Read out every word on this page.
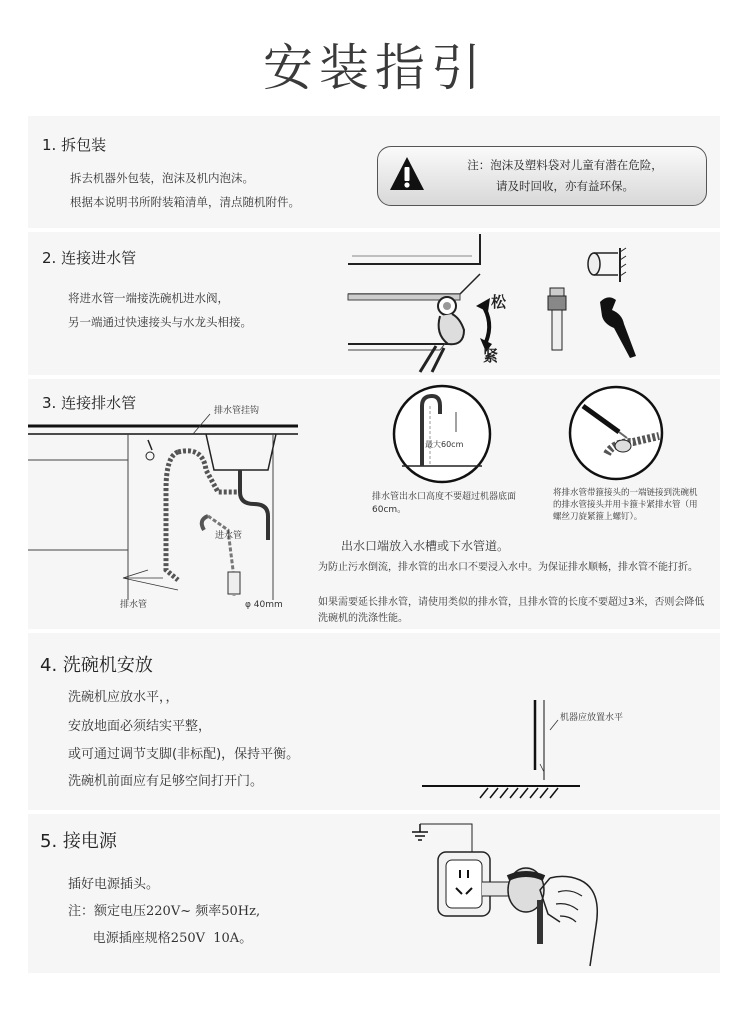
安装指引
1. 拆包装
拆去机器外包装，泡沫及机内泡沫。
根据本说明书所附装箱清单，清点随机附件。
注：泡沫及塑料袋对儿童有潜在危险，
请及时回收，亦有益环保。
2. 连接进水管
将进水管一端接洗碗机进水阀，
另一端通过快速接头与水龙头相接。
松
紧
3. 连接排水管	排水管挂钩
进水管
排水管	φ 40mm
最大60cm
排水管出水口高度不要超过机器底面60cm。
将排水管带箍接头的一端链接到洗碗机的排水管接头并用卡箍卡紧排水管（用螺丝刀旋紧箍上螺钉）。
出水口端放入水槽或下水管道。
为防止污水倒流，排水管的出水口不要浸入水中。为保证排水顺畅，排水管不能打折。
如果需要延长排水管，请使用类似的排水管，且排水管的长度不要超过3米，否则会降低洗碗机的洗涤性能。
4. 洗碗机安放
洗碗机应放水平，，
安放地面必须结实平整，
或可通过调节支脚(非标配)，保持平衡。
洗碗机前面应有足够空间打开门。
机器应放置水平
5. 接电源
插好电源插头。
注：额定电压220V~ 频率50Hz,
电源插座规格250V  10A。
